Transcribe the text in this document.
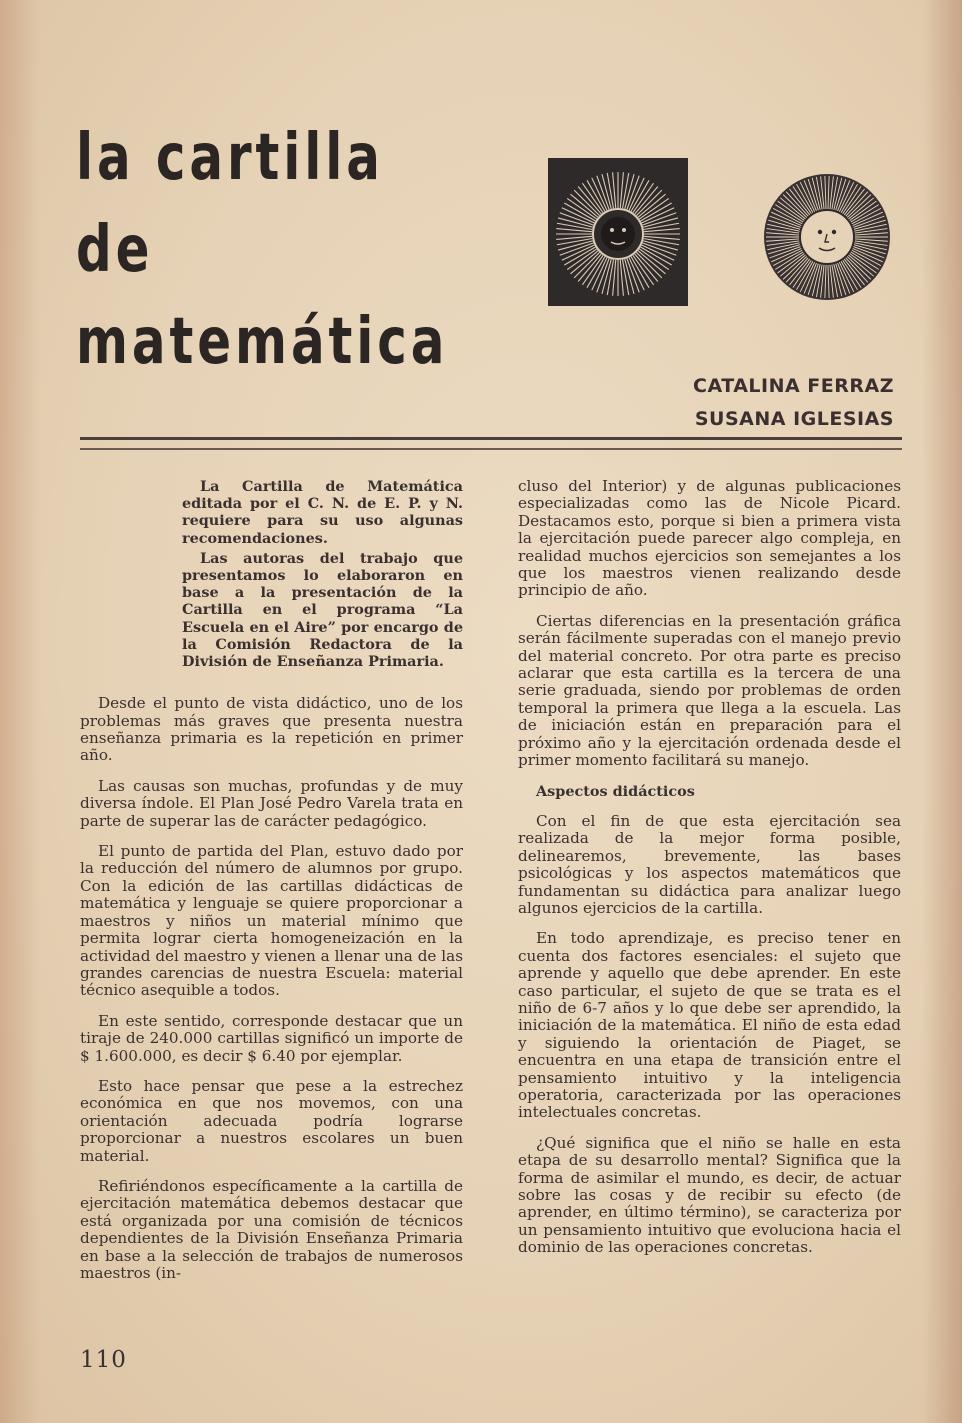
la cartilla
de
matemática
CATALINA FERRAZ
SUSANA IGLESIAS

La Cartilla de Matemática editada por el C. N. de E. P. y N. requiere para su uso algunas recomendaciones.

Las autoras del trabajo que presentamos lo elaboraron en base a la presentación de la Cartilla en el programa “La Escuela en el Aire” por encargo de la Comisión Redactora de la División de Enseñanza Primaria.

Desde el punto de vista didáctico, uno de los problemas más graves que presenta nuestra enseñanza primaria es la repetición en primer año.

Las causas son muchas, profundas y de muy diversa índole. El Plan José Pedro Varela trata en parte de superar las de carácter pedagógico.

El punto de partida del Plan, estuvo dado por la reducción del número de alumnos por grupo. Con la edición de las cartillas didácticas de matemática y lenguaje se quiere proporcionar a maestros y niños un material mínimo que permita lograr cierta homogeneización en la actividad del maestro y vienen a llenar una de las grandes carencias de nuestra Escuela: material técnico asequible a todos.

En este sentido, corresponde destacar que un tiraje de 240.000 cartillas significó un importe de $ 1.600.000, es decir $ 6.40 por ejemplar.

Esto hace pensar que pese a la estrechez económica en que nos movemos, con una orientación adecuada podría lograrse proporcionar a nuestros escolares un buen material.

Refiriéndonos específicamente a la cartilla de ejercitación matemática debemos destacar que está organizada por una comisión de técnicos dependientes de la División Enseñanza Primaria en base a la selección de trabajos de numerosos maestros (in-

cluso del Interior) y de algunas publicaciones especializadas como las de Nicole Picard. Destacamos esto, porque si bien a primera vista la ejercitación puede parecer algo compleja, en realidad muchos ejercicios son semejantes a los que los maestros vienen realizando desde principio de año.

Ciertas diferencias en la presentación gráfica serán fácilmente superadas con el manejo previo del material concreto. Por otra parte es preciso aclarar que esta cartilla es la tercera de una serie graduada, siendo por problemas de orden temporal la primera que llega a la escuela. Las de iniciación están en preparación para el próximo año y la ejercitación ordenada desde el primer momento facilitará su manejo.

Aspectos didácticos

Con el fin de que esta ejercitación sea realizada de la mejor forma posible, delinearemos, brevemente, las bases psicológicas y los aspectos matemáticos que fundamentan su didáctica para analizar luego algunos ejercicios de la cartilla.

En todo aprendizaje, es preciso tener en cuenta dos factores esenciales: el sujeto que aprende y aquello que debe aprender. En este caso particular, el sujeto de que se trata es el niño de 6-7 años y lo que debe ser aprendido, la iniciación de la matemática. El niño de esta edad y siguiendo la orientación de Piaget, se encuentra en una etapa de transición entre el pensamiento intuitivo y la inteligencia operatoria, caracterizada por las operaciones intelectuales concretas.

¿Qué significa que el niño se halle en esta etapa de su desarrollo mental? Significa que la forma de asimilar el mundo, es decir, de actuar sobre las cosas y de recibir su efecto (de aprender, en último término), se caracteriza por un pensamiento intuitivo que evoluciona hacia el dominio de las operaciones concretas.

110
